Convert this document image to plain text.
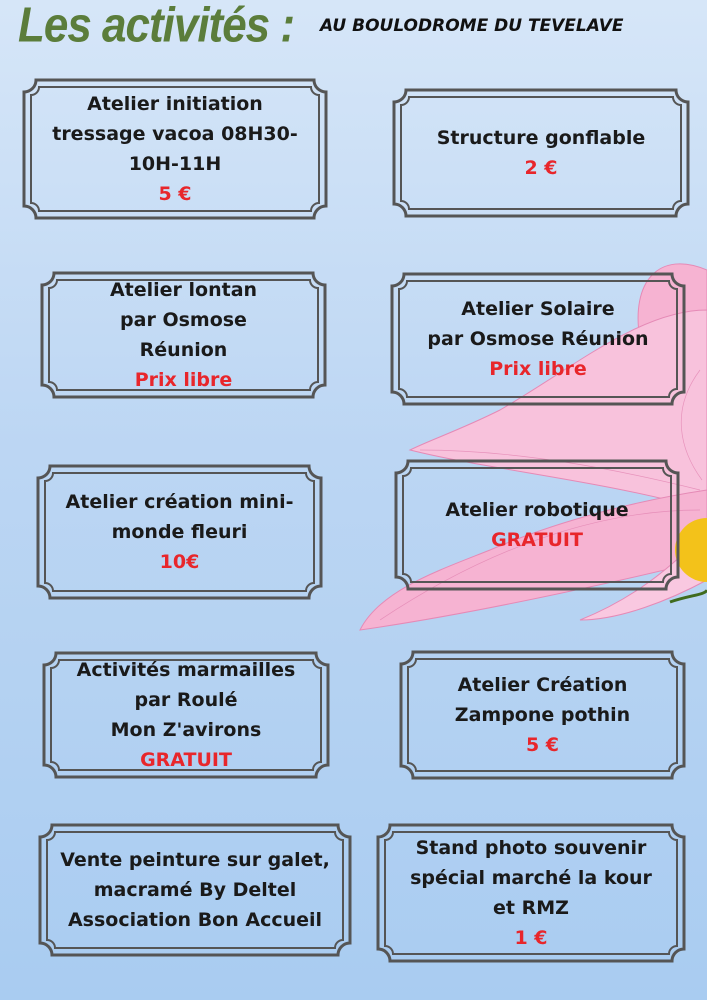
Les activités : AU BOULODROME DU TEVELAVE
Atelier initiation
tressage vacoa 08H30-
10H-11H
5 €
Structure gonflable
2 €
Atelier lontan
par Osmose
Réunion
Prix libre
Atelier Solaire
par Osmose Réunion
Prix libre
Atelier création mini-
monde fleuri
10€
Atelier robotique
GRATUIT
Activités marmailles
par Roulé
Mon Z'avirons
GRATUIT
Atelier Création
Zampone pothin
5 €
Vente peinture sur galet,
macramé By Deltel
Association Bon Accueil
Stand photo souvenir
spécial marché la kour
et RMZ
1 €
